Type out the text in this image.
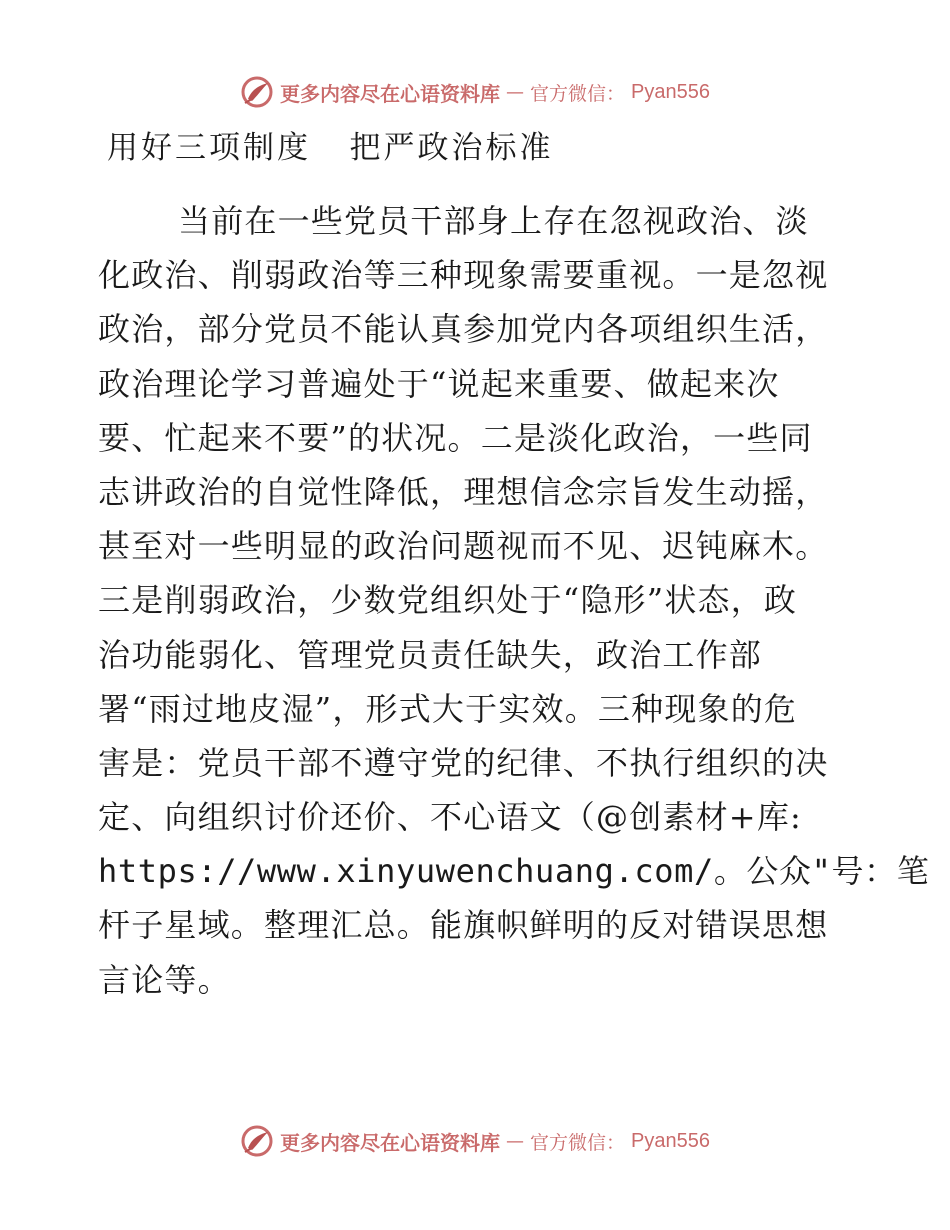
更多内容尽在心语资料库 — 官方微信： Pyan556
用好三项制度   把严政治标准
当前在一些党员干部身上存在忽视政治、淡
化政治、削弱政治等三种现象需要重视。一是忽视
政治，部分党员不能认真参加党内各项组织生活，
政治理论学习普遍处于“说起来重要、做起来次
要、忙起来不要”的状况。二是淡化政治，一些同
志讲政治的自觉性降低，理想信念宗旨发生动摇，
甚至对一些明显的政治问题视而不见、迟钝麻木。
三是削弱政治，少数党组织处于“隐形”状态，政
治功能弱化、管理党员责任缺失，政治工作部
署“雨过地皮湿”，形式大于实效。三种现象的危
害是：党员干部不遵守党的纪律、不执行组织的决
定、向组织讨价还价、不心语文（@创素材+库:
https://www.xinyuwenchuang.com/。公众"号：笔
杆子星域。整理汇总。能旗帜鲜明的反对错误思想
言论等。
更多内容尽在心语资料库 — 官方微信： Pyan556
